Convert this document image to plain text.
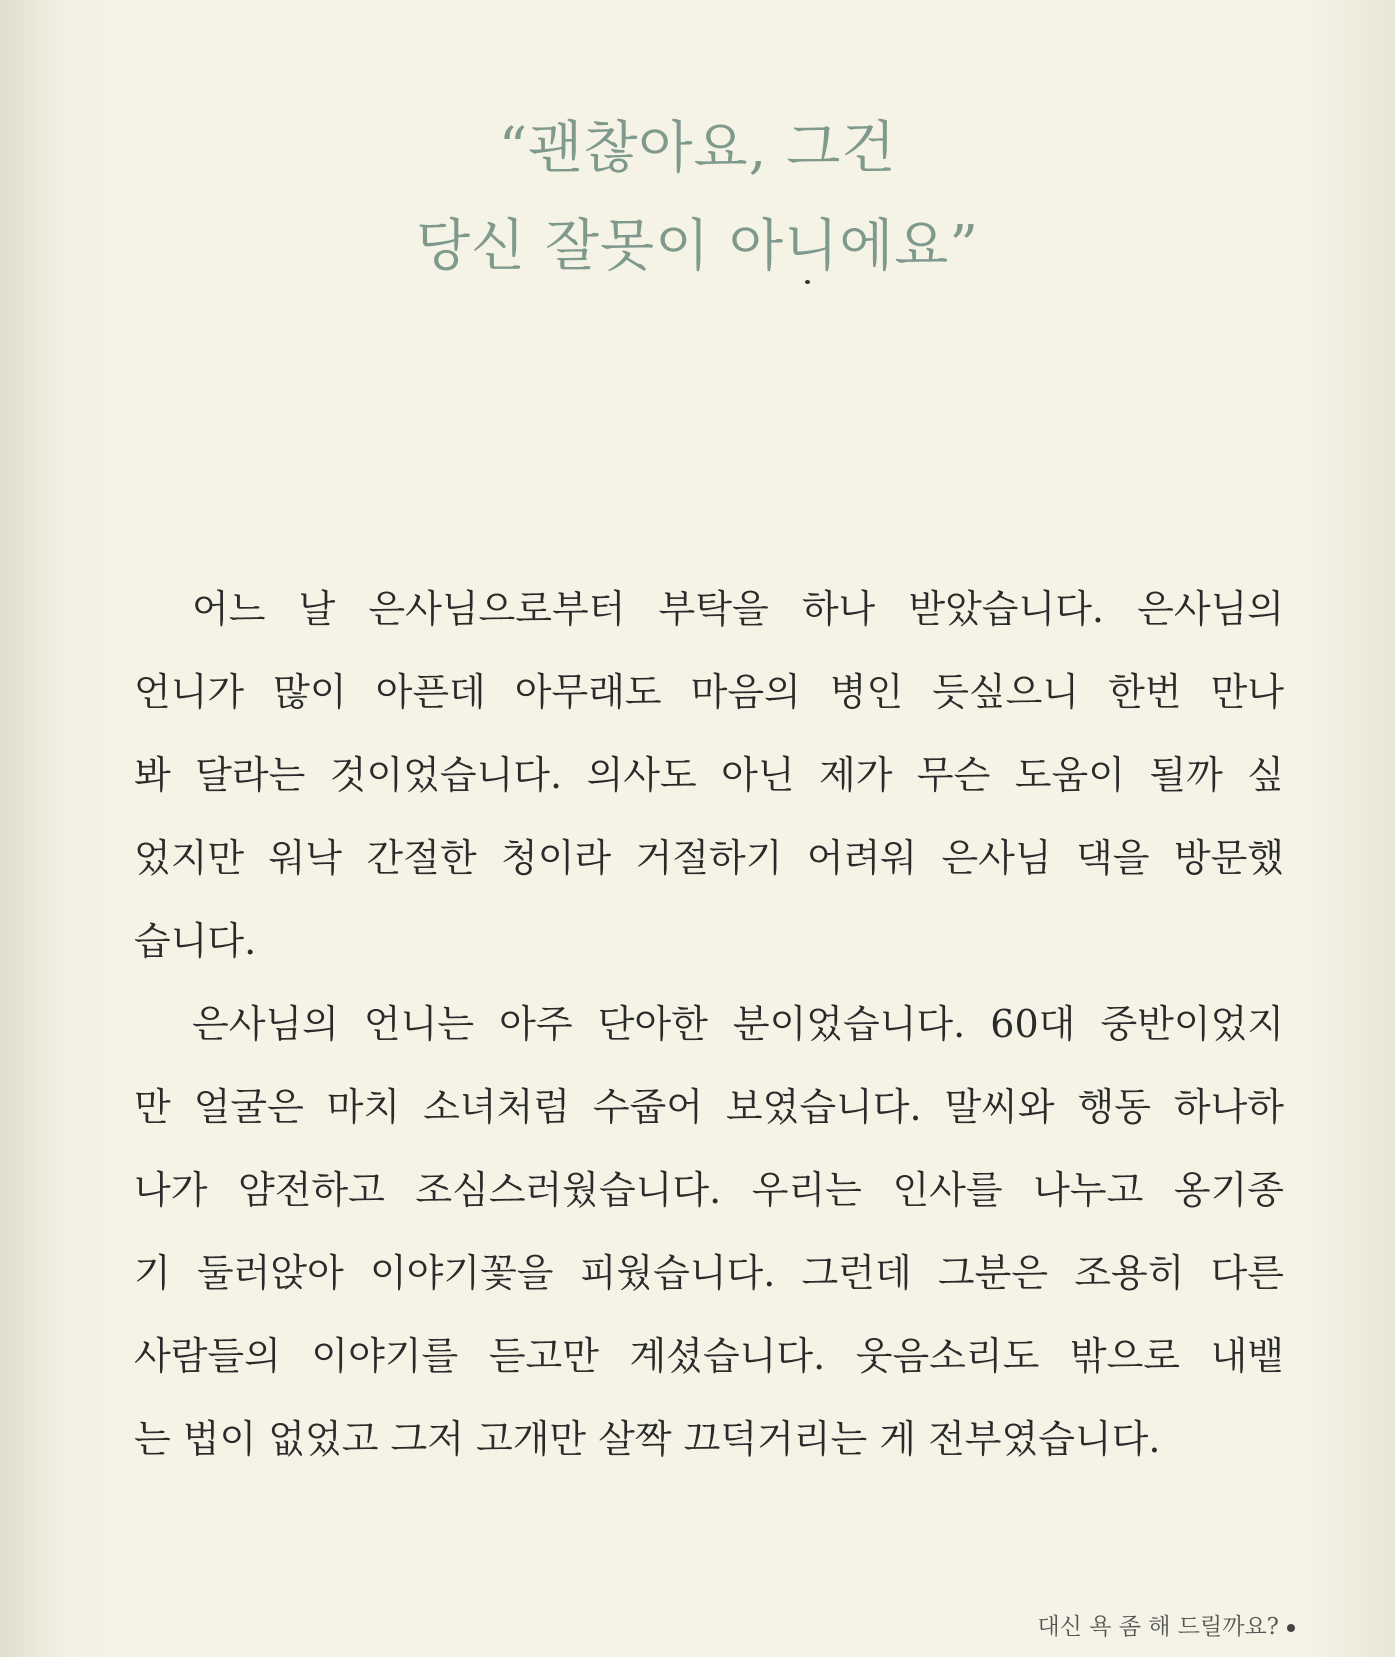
“괜찮아요, 그건
당신 잘못이 아니에요”
어느 날 은사님으로부터 부탁을 하나 받았습니다. 은사님의
언니가 많이 아픈데 아무래도 마음의 병인 듯싶으니 한번 만나
봐 달라는 것이었습니다. 의사도 아닌 제가 무슨 도움이 될까 싶
었지만 워낙 간절한 청이라 거절하기 어려워 은사님 댁을 방문했
습니다.
은사님의 언니는 아주 단아한 분이었습니다. 60대 중반이었지
만 얼굴은 마치 소녀처럼 수줍어 보였습니다. 말씨와 행동 하나하
나가 얌전하고 조심스러웠습니다. 우리는 인사를 나누고 옹기종
기 둘러앉아 이야기꽃을 피웠습니다. 그런데 그분은 조용히 다른
사람들의 이야기를 듣고만 계셨습니다. 웃음소리도 밖으로 내뱉
는 법이 없었고 그저 고개만 살짝 끄덕거리는 게 전부였습니다.
대신 욕 좀 해 드릴까요?
